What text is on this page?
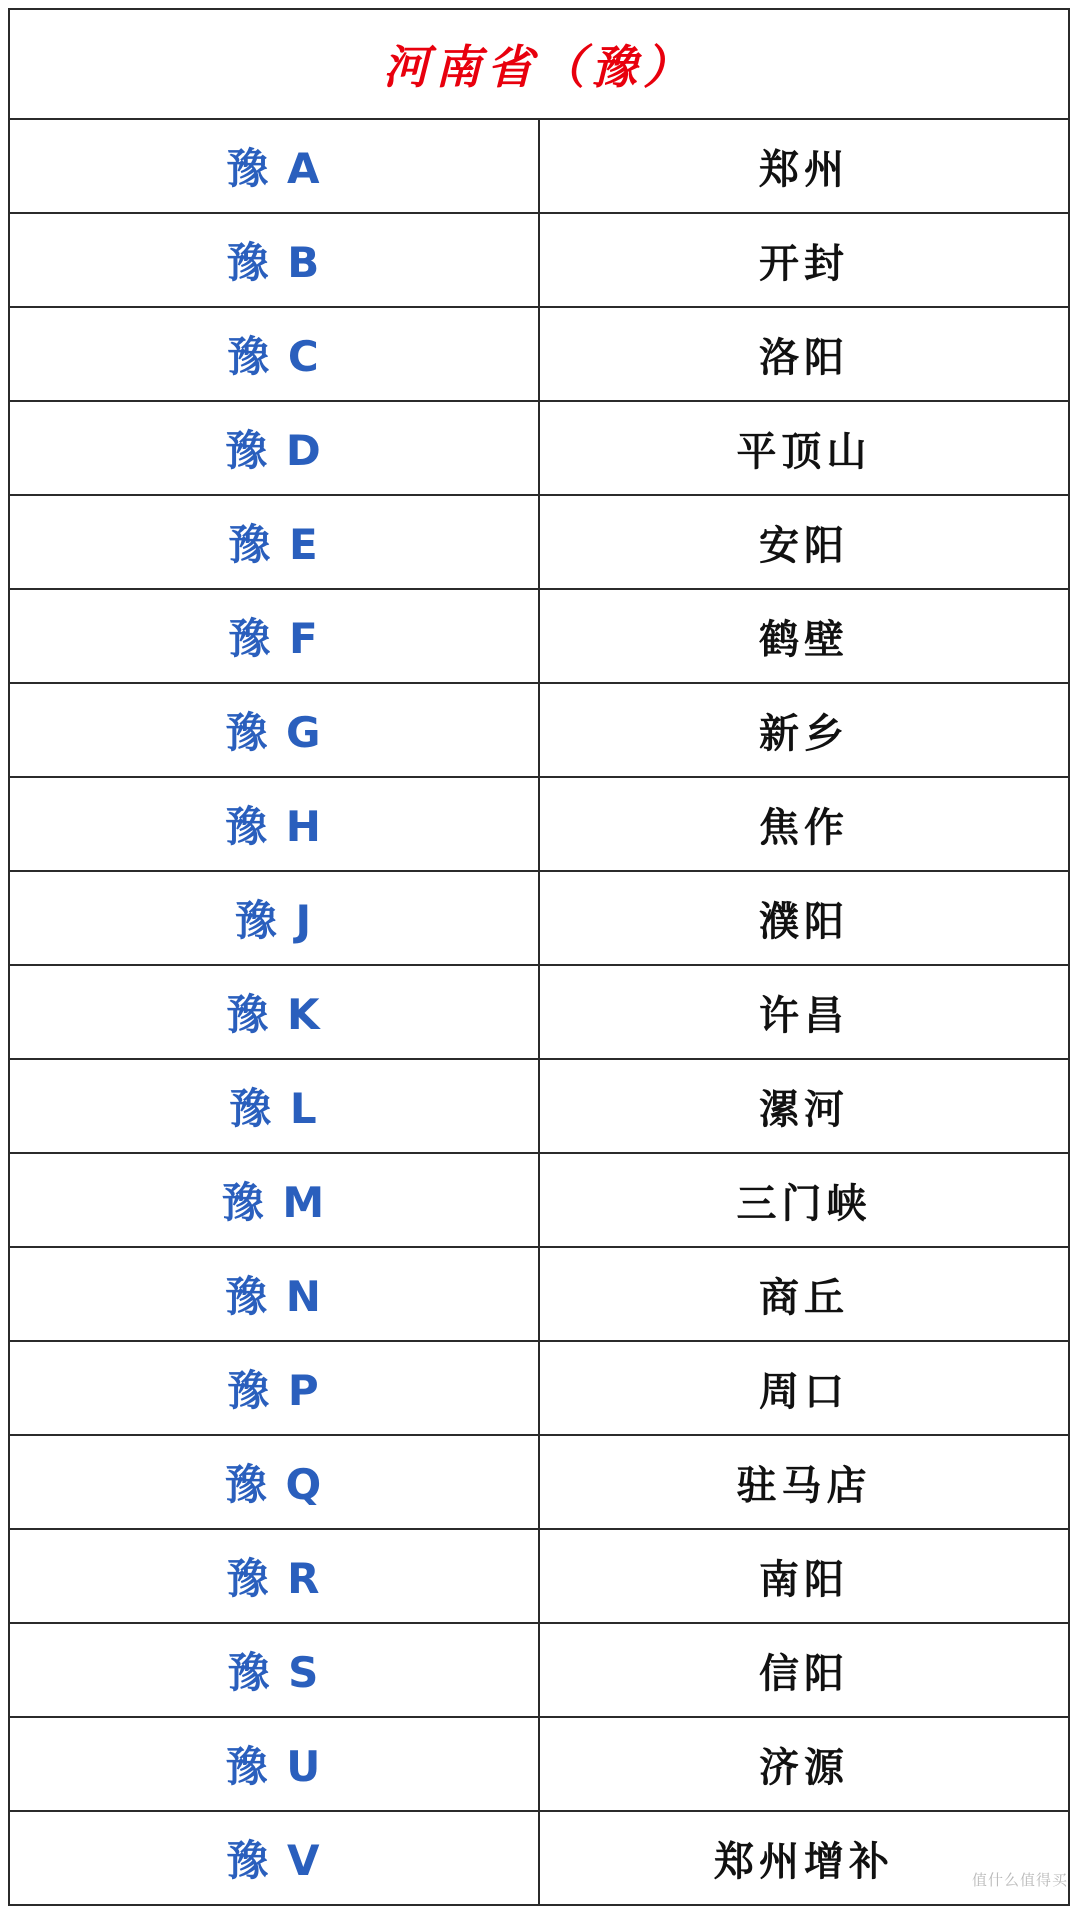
河南省（豫）	
豫 A	郑州
豫 B	开封
豫 C	洛阳
豫 D	平顶山
豫 E	安阳
豫 F	鹤壁
豫 G	新乡
豫 H	焦作
豫 J	濮阳
豫 K	许昌
豫 L	漯河
豫 M	三门峡
豫 N	商丘
豫 P	周口
豫 Q	驻马店
豫 R	南阳
豫 S	信阳
豫 U	济源
豫 V	郑州增补	值什么值得买
